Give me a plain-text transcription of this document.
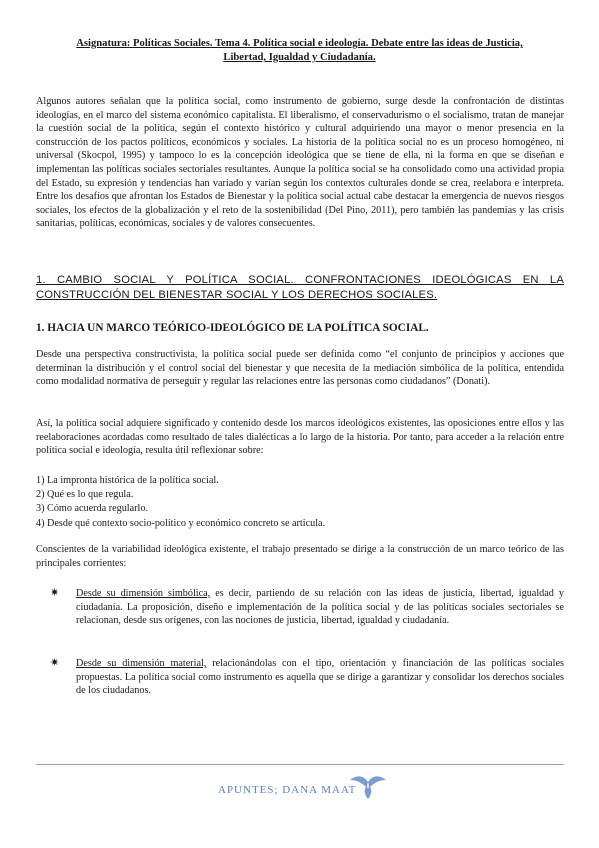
Asignatura: Políticas Sociales. Tema 4. Política social e ideología. Debate entre las ideas de Justicia, Libertad, Igualdad y Ciudadanía.
Algunos autores señalan que la política social, como instrumento de gobierno, surge desde la confrontación de distintas ideologías, en el marco del sistema económico capitalista. El liberalismo, el conservadurismo o el socialismo, tratan de manejar la cuestión social de la política, según el contexto histórico y cultural adquiriendo una mayor o menor presencia en la construcción de los pactos políticos, económicos y sociales. La historia de la política social no es un proceso homogéneo, ni universal (Skocpol, 1995) y tampoco lo es la concepción ideológica que se tiene de ella, ni la forma en que se diseñan e implementan las políticas sociales sectoriales resultantes. Aunque la política social se ha consolidado como una actividad propia del Estado, su expresión y tendencias han variado y varían según los contextos culturales donde se crea, reelabora e interpreta. Entre los desafíos que afrontan los Estados de Bienestar y la política social actual cabe destacar la emergencia de nuevos riesgos sociales, los efectos de la globalización y el reto de la sostenibilidad (Del Pino, 2011), pero también las pandemias y las crisis sanitarias, políticas, económicas, sociales y de valores consecuentes.
1. CAMBIO SOCIAL Y POLÍTICA SOCIAL. CONFRONTACIONES IDEOLÓGICAS EN LA CONSTRUCCIÓN DEL BIENESTAR SOCIAL Y LOS DERECHOS SOCIALES.
1. HACIA UN MARCO TEÓRICO-IDEOLÓGICO DE LA POLÍTICA SOCIAL.
Desde una perspectiva constructivista, la política social puede ser definida como “el conjunto de principios y acciones que determinan la distribución y el control social del bienestar y que necesita de la mediación simbólica de la política, entendida como modalidad normativa de perseguir y regular las relaciones entre las personas como ciudadanos” (Donati).
Así, la política social adquiere significado y contenido desde los marcos ideológicos existentes, las oposiciones entre ellos y las reelaboraciones acordadas como resultado de tales dialécticas a lo largo de la historia. Por tanto, para acceder a la relación entre política social e ideología, resulta útil reflexionar sobre:
1) La impronta histórica de la política social.
2) Qué es lo que regula.
3) Cómo acuerda regularlo.
4) Desde qué contexto socio-político y económico concreto se articula.
Conscientes de la variabilidad ideológica existente, el trabajo presentado se dirige a la construcción de un marco teórico de las principales corrientes:
✷ Desde su dimensión simbólica, es decir, partiendo de su relación con las ideas de justicia, libertad, igualdad y ciudadanía. La proposición, diseño e implementación de la política social y de las políticas sociales sectoriales se relacionan, desde sus orígenes, con las nociones de justicia, libertad, igualdad y ciudadanía.
✷ Desde su dimensión material, relacionándolas con el tipo, orientación y financiación de las políticas sociales propuestas. La política social como instrumento es aquella que se dirige a garantizar y consolidar los derechos sociales de los ciudadanos.
APUNTES; DANA MAAT
